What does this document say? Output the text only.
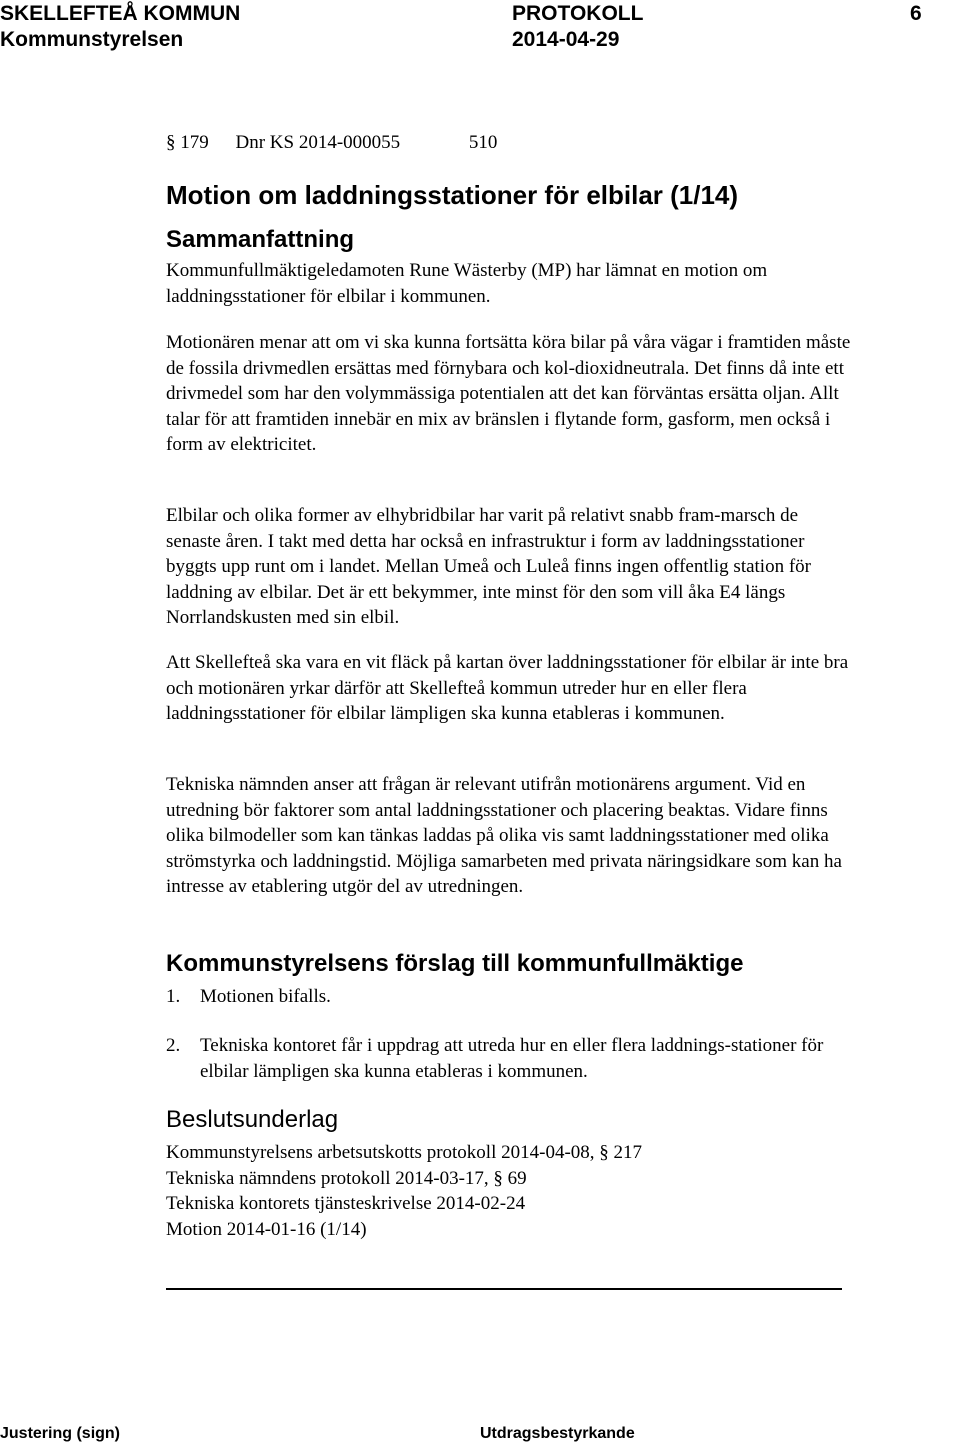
SKELLEFTEÅ KOMMUN	PROTOKOLL	6
Kommunstyrelsen	2014-04-29
§ 179 Dnr KS 2014-000055	510
Motion om laddningsstationer för elbilar (1/14)
Sammanfattning

Kommunfullmäktigeledamoten Rune Wästerby (MP) har lämnat en motion om laddningsstationer för elbilar i kommunen.

Motionären menar att om vi ska kunna fortsätta köra bilar på våra vägar i framtiden måste de fossila drivmedlen ersättas med förnybara och kol-dioxidneutrala. Det finns då inte ett drivmedel som har den volymmässiga potentialen att det kan förväntas ersätta oljan. Allt talar för att framtiden innebär en mix av bränslen i flytande form, gasform, men också i form av elektricitet.

Elbilar och olika former av elhybridbilar har varit på relativt snabb fram-marsch de senaste åren. I takt med detta har också en infrastruktur i form av laddningsstationer byggts upp runt om i landet. Mellan Umeå och Luleå finns ingen offentlig station för laddning av elbilar. Det är ett bekymmer, inte minst för den som vill åka E4 längs Norrlandskusten med sin elbil.

Att Skellefteå ska vara en vit fläck på kartan över laddningsstationer för elbilar är inte bra och motionären yrkar därför att Skellefteå kommun utreder hur en eller flera laddningsstationer för elbilar lämpligen ska kunna etableras i kommunen.

Tekniska nämnden anser att frågan är relevant utifrån motionärens argument. Vid en utredning bör faktorer som antal laddningsstationer och placering beaktas. Vidare finns olika bilmodeller som kan tänkas laddas på olika vis samt laddningsstationer med olika strömstyrka och laddningstid. Möjliga samarbeten med privata näringsidkare som kan ha intresse av etablering utgör del av utredningen.

Kommunstyrelsens förslag till kommunfullmäktige
1. Motionen bifalls.
2. Tekniska kontoret får i uppdrag att utreda hur en eller flera laddnings-stationer för elbilar lämpligen ska kunna etableras i kommunen.
Beslutsunderlag

Kommunstyrelsens arbetsutskotts protokoll 2014-04-08, § 217

Tekniska nämndens protokoll 2014-03-17, § 69

Tekniska kontorets tjänsteskrivelse 2014-02-24

Motion 2014-01-16 (1/14)

Justering (sign)	Utdragsbestyrkande
